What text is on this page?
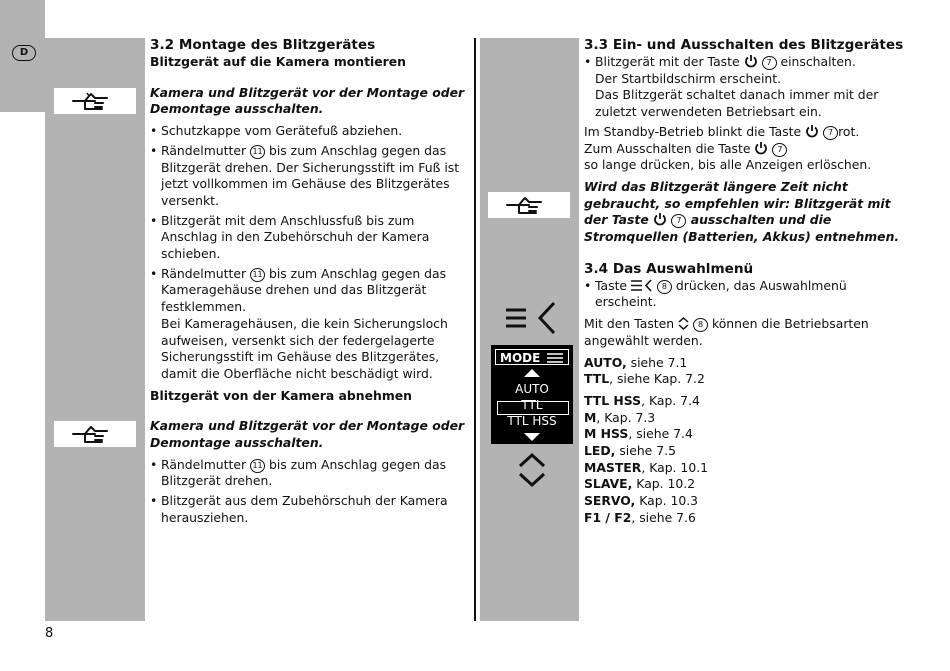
D
MODE
AUTO
TTL
TTL HSS

3.2 Montage des Blitzgerätes

Blitzgerät auf die Kamera montieren

Kamera und Blitzgerät vor der Montage oder Demontage ausschalten.

• Schutzkappe vom Gerätefuß abziehen.

• Rändelmutter 11 bis zum Anschlag gegen das Blitzgerät drehen. Der Sicherungsstift im Fuß ist jetzt vollkommen im Gehäuse des Blitzgerätes versenkt.

• Blitzgerät mit dem Anschlussfuß bis zum Anschlag in den Zubehörschuh der Kamera schieben.

• Rändelmutter 11 bis zum Anschlag gegen das Kameragehäuse drehen und das Blitzgerät festklemmen.
Bei Kameragehäusen, die kein Sicherungsloch aufweisen, versenkt sich der federgelagerte Sicherungsstift im Gehäuse des Blitzgerätes, damit die Oberfläche nicht beschädigt wird.

Blitzgerät von der Kamera abnehmen

Kamera und Blitzgerät vor der Montage oder Demontage ausschalten.

• Rändelmutter 11 bis zum Anschlag gegen das Blitzgerät drehen.

• Blitzgerät aus dem Zubehörschuh der Kamera herausziehen.

3.3 Ein- und Ausschalten des Blitzgerätes

• Blitzgerät mit der Taste	7 einschalten.
Der Startbildschirm erscheint.
Das Blitzgerät schaltet danach immer mit der zuletzt verwendeten Betriebsart ein.

Im Standby-Betrieb blinkt die Taste	7 rot.
Zum Ausschalten die Taste	7
so lange drücken, bis alle Anzeigen erlöschen.

Wird das Blitzgerät längere Zeit nicht gebraucht, so empfehlen wir: Blitzgerät mit der Taste	7 ausschalten und die Stromquellen (Batterien, Akkus) entnehmen.

3.4 Das Auswahlmenü

• Taste	8 drücken, das Auswahlmenü erscheint.

Mit den Tasten	8 können die Betriebsarten angewählt werden.

AUTO, siehe 7.1

TTL, siehe Kap. 7.2

TTL HSS, Kap. 7.4

M, Kap. 7.3

M HSS, siehe 7.4

LED, siehe 7.5

MASTER, Kap. 10.1

SLAVE, Kap. 10.2

SERVO, Kap. 10.3

F1 / F2, siehe 7.6

8
